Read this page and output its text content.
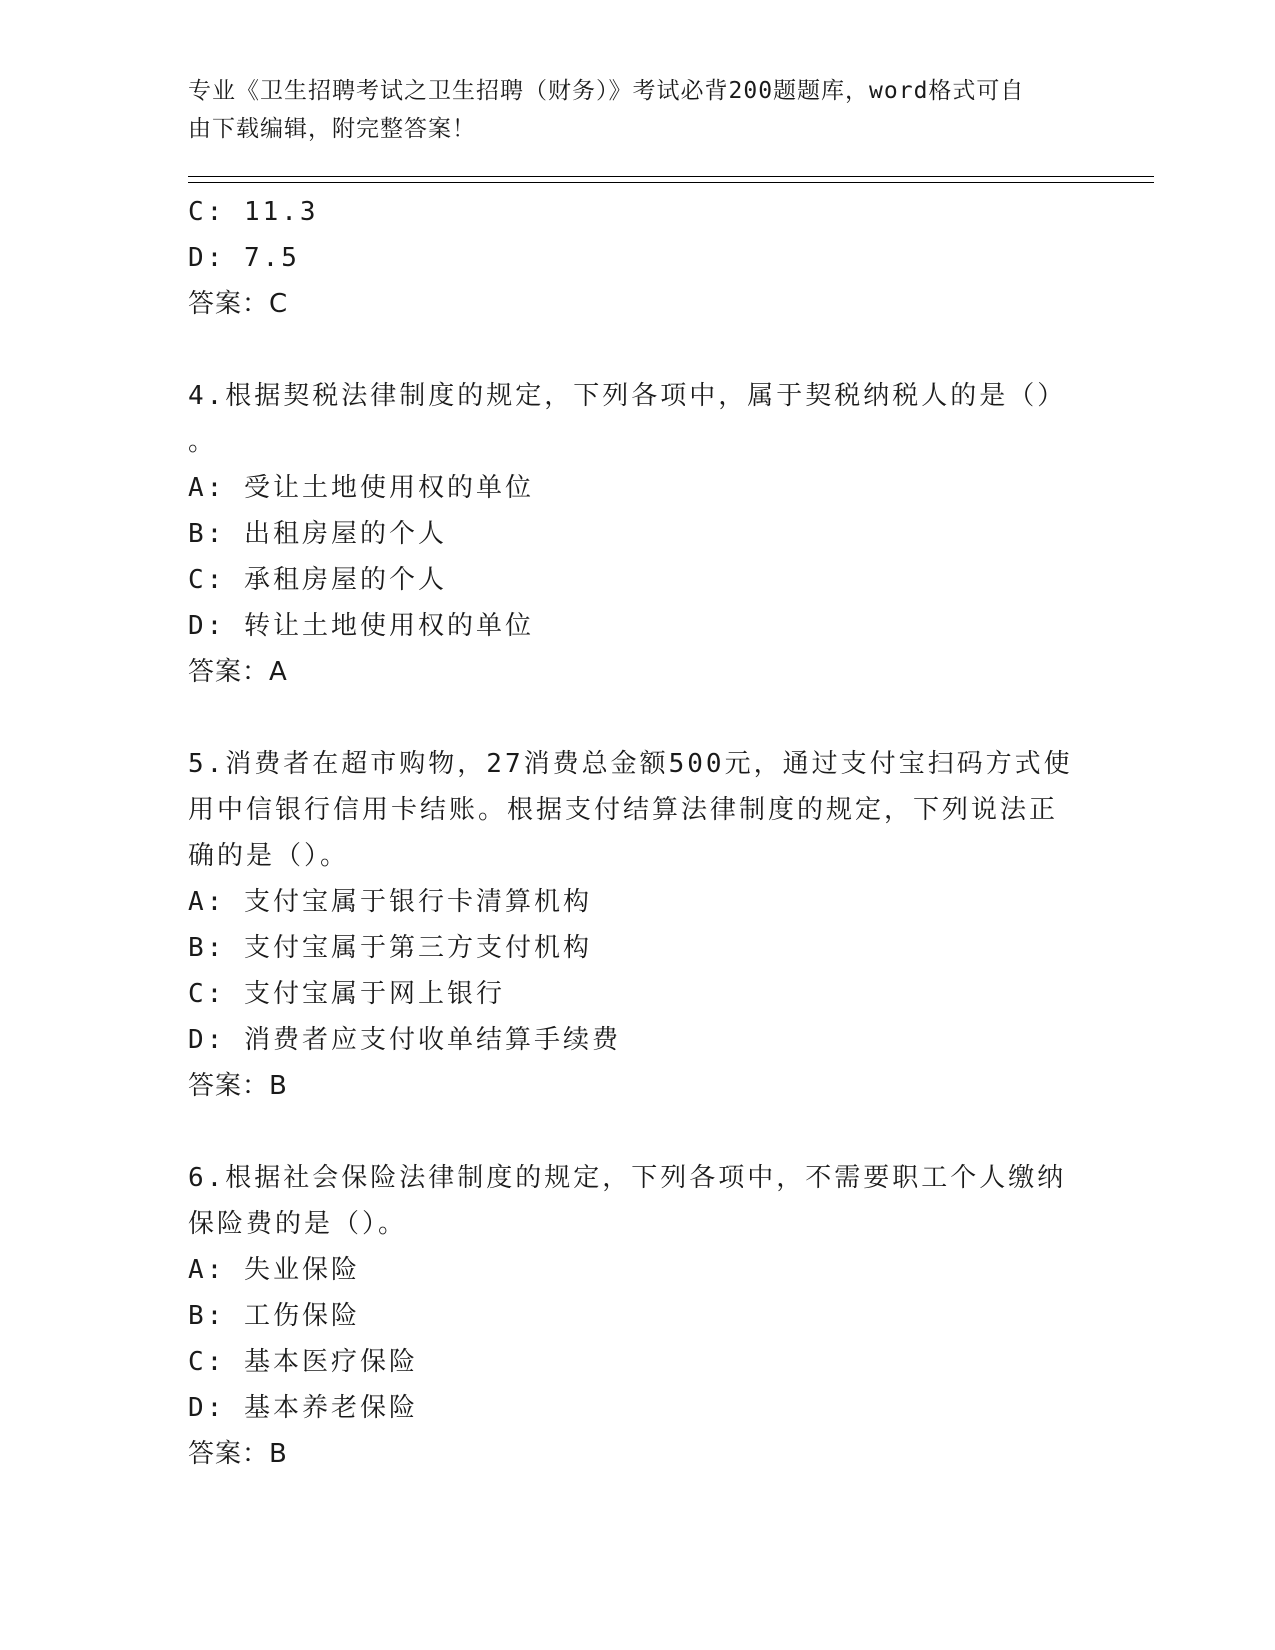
专业《卫生招聘考试之卫生招聘（财务）》考试必背200题题库，word格式可自
由下载编辑，附完整答案！
C: 11.3
D: 7.5
答案：C
4.根据契税法律制度的规定，下列各项中，属于契税纳税人的是（）
。
A: 受让土地使用权的单位
B: 出租房屋的个人
C: 承租房屋的个人
D: 转让土地使用权的单位
答案：A
5.消费者在超市购物，27消费总金额500元，通过支付宝扫码方式使
用中信银行信用卡结账。根据支付结算法律制度的规定，下列说法正
确的是（）。
A: 支付宝属于银行卡清算机构
B: 支付宝属于第三方支付机构
C: 支付宝属于网上银行
D: 消费者应支付收单结算手续费
答案：B
6.根据社会保险法律制度的规定，下列各项中，不需要职工个人缴纳
保险费的是（）。
A: 失业保险
B: 工伤保险
C: 基本医疗保险
D: 基本养老保险
答案：B
